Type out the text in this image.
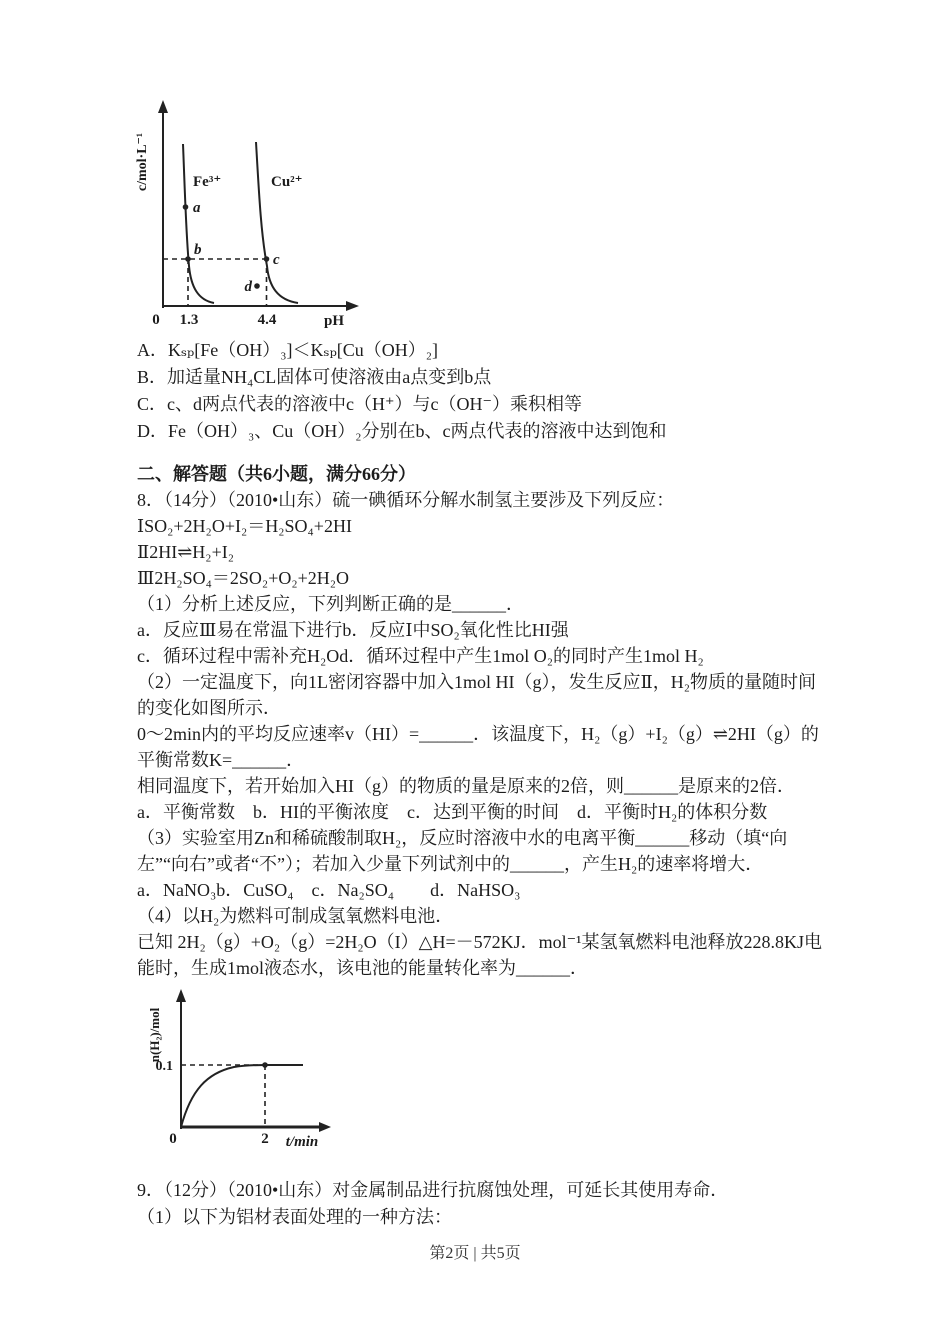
c/mol·L⁻¹	Fe³⁺	Cu²⁺
a
b
c
d
0 1.3	4.4	pH
A．Kₛₚ[Fe（OH）₃]＜Kₛₚ[Cu（OH）₂]
B．加适量NH₄CL固体可使溶液由a点变到b点
C．c、d两点代表的溶液中c（H⁺）与c（OH⁻）乘积相等
D．Fe（OH）₃、Cu（OH）₂分别在b、c两点代表的溶液中达到饱和
二、解答题（共6小题，满分66分）
8．（14分）（2010•山东）硫一碘循环分解水制氢主要涉及下列反应：
ⅠSO₂+2H₂O+I₂＝H₂SO₄+2HI
Ⅱ2HI⇌H₂+I₂
Ⅲ2H₂SO₄＝2SO₂+O₂+2H₂O
（1）分析上述反应，下列判断正确的是______．
a．反应Ⅲ易在常温下进行b．反应Ⅰ中SO₂氧化性比HI强
c．循环过程中需补充H₂Od．循环过程中产生1mol O₂的同时产生1mol H₂
（2）一定温度下，向1L密闭容器中加入1mol HI（g），发生反应Ⅱ，H₂物质的量随时间
的变化如图所示．
0～2min内的平均反应速率v（HI）=______．该温度下，H₂（g）+I₂（g）⇌2HI（g）的
平衡常数K=______．
相同温度下，若开始加入HI（g）的物质的量是原来的2倍，则______是原来的2倍．
a．平衡常数　b．HI的平衡浓度　c．达到平衡的时间　d．平衡时H₂的体积分数
（3）实验室用Zn和稀硫酸制取H₂，反应时溶液中水的电离平衡______移动（填“向
左”“向右”或者“不”）；若加入少量下列试剂中的______，产生H₂的速率将增大．
a．NaNO₃b．CuSO₄　c．Na₂SO₄　　d．NaHSO₃
（4）以H₂为燃料可制成氢氧燃料电池．
已知 2H₂（g）+O₂（g）=2H₂O（I）△H=－572KJ．mol⁻¹某氢氧燃料电池释放228.8KJ电
能时，生成1mol液态水，该电池的能量转化率为______．
n(H₂)/mol
0.1
0	2 t/min
9．（12分）（2010•山东）对金属制品进行抗腐蚀处理，可延长其使用寿命．
（1）以下为铝材表面处理的一种方法：
第2页 | 共5页
